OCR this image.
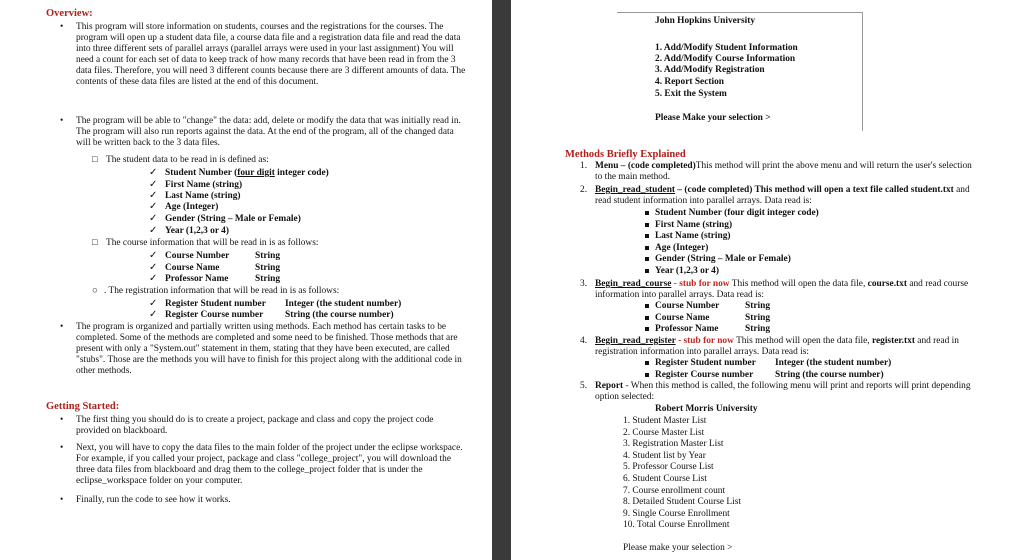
Overview:
• This program will store information on students, courses and the registrations for the courses. The program will open up a student data file, a course data file and a registration data file and read the data into three different sets of parallel arrays (parallel arrays were used in your last assignment) You will need a count for each set of data to keep track of how many records that have been read in from the 3 data files. Therefore, you will need 3 different counts because there are 3 different amounts of data. The contents of these data files are listed at the end of this document.
• The program will be able to "change" the data: add, delete or modify the data that was initially read in. The program will also run reports against the data. At the end of the program, all of the changed data will be written back to the 3 data files.
□ The student data to be read in is defined as:
✓ Student Number (four digit integer code)
✓ First Name (string)
✓ Last Name (string)
✓ Age (Integer)
✓ Gender (String – Male or Female)
✓ Year (1,2,3 or 4)
□ The course information that will be read in is as follows:
✓ Course Number	String
✓ Course Name	String
✓ Professor Name	String
○ . The registration information that will be read in is as follows:
✓ Register Student number Integer (the student number)
✓ Register Course number String (the course number)
• The program is organized and partially written using methods. Each method has certain tasks to be completed. Some of the methods are completed and some need to be finished. Those methods that are present with only a "System.out" statement in them, stating that they have been executed, are called "stubs". Those are the methods you will have to finish for this project along with the additional code in other methods.
Getting Started:
• The first thing you should do is to create a project, package and class and copy the project code provided on blackboard.
• Next, you will have to copy the data files to the main folder of the project under the eclipse workspace. For example, if you called your project, package and class "college_project", you will download the three data files from blackboard and drag them to the college_project folder that is under the eclipse_workspace folder on your computer.
• Finally, run the code to see how it works.
John Hopkins University
1. Add/Modify Student Information
2. Add/Modify Course Information
3. Add/Modify Registration
4. Report Section
5. Exit the System
Please Make your selection >
Methods Briefly Explained
1. Menu – (code completed)This method will print the above menu and will return the user's selection to the main method.
2. Begin_read_student – (code completed) This method will open a text file called student.txt and read student information into parallel arrays. Data read is:
Student Number (four digit integer code)
First Name (string)
Last Name (string)
Age (Integer)
Gender (String – Male or Female)
Year (1,2,3 or 4)
3. Begin_read_course - stub for now This method will open the data file, course.txt and read course information into parallel arrays. Data read is:
Course Number	String
Course Name	String
Professor Name	String
4. Begin_read_register - stub for now This method will open the data file, register.txt and read in registration information into parallel arrays. Data read is:
Register Student number Integer (the student number)
Register Course number String (the course number)
5. Report - When this method is called, the following menu will print and reports will print depending option selected:
Robert Morris University
1. Student Master List
2. Course Master List
3. Registration Master List
4. Student list by Year
5. Professor Course List
6. Student Course List
7. Course enrollment count
8. Detailed Student Course List
9. Single Course Enrollment
10. Total Course Enrollment
Please make your selection >
